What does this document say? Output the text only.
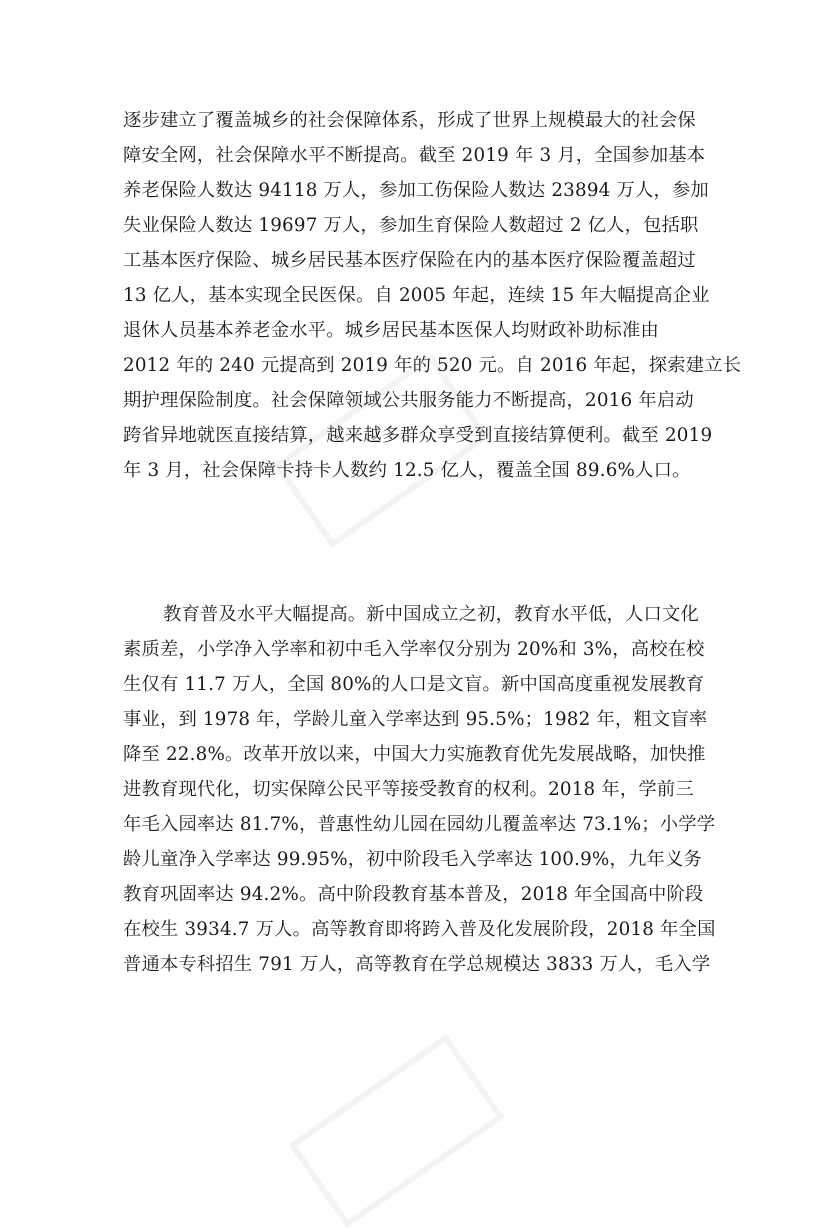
逐步建立了覆盖城乡的社会保障体系，形成了世界上规模最大的社会保
障安全网，社会保障水平不断提高。截至 2019 年 3 月，全国参加基本
养老保险人数达 94118 万人，参加工伤保险人数达 23894 万人，参加
失业保险人数达 19697 万人，参加生育保险人数超过 2 亿人，包括职
工基本医疗保险、城乡居民基本医疗保险在内的基本医疗保险覆盖超过
13 亿人，基本实现全民医保。自 2005 年起，连续 15 年大幅提高企业
退休人员基本养老金水平。城乡居民基本医保人均财政补助标准由
2012 年的 240 元提高到 2019 年的 520 元。自 2016 年起，探索建立长
期护理保险制度。社会保障领域公共服务能力不断提高，2016 年启动
跨省异地就医直接结算，越来越多群众享受到直接结算便利。截至 2019
年 3 月，社会保障卡持卡人数约 12.5 亿人，覆盖全国 89.6%人口。
教育普及水平大幅提高。新中国成立之初，教育水平低，人口文化
素质差，小学净入学率和初中毛入学率仅分别为 20%和 3%，高校在校
生仅有 11.7 万人，全国 80%的人口是文盲。新中国高度重视发展教育
事业，到 1978 年，学龄儿童入学率达到 95.5%；1982 年，粗文盲率
降至 22.8%。改革开放以来，中国大力实施教育优先发展战略，加快推
进教育现代化，切实保障公民平等接受教育的权利。2018 年，学前三
年毛入园率达 81.7%，普惠性幼儿园在园幼儿覆盖率达 73.1%；小学学
龄儿童净入学率达 99.95%，初中阶段毛入学率达 100.9%，九年义务
教育巩固率达 94.2%。高中阶段教育基本普及，2018 年全国高中阶段
在校生 3934.7 万人。高等教育即将跨入普及化发展阶段，2018 年全国
普通本专科招生 791 万人，高等教育在学总规模达 3833 万人，毛入学
